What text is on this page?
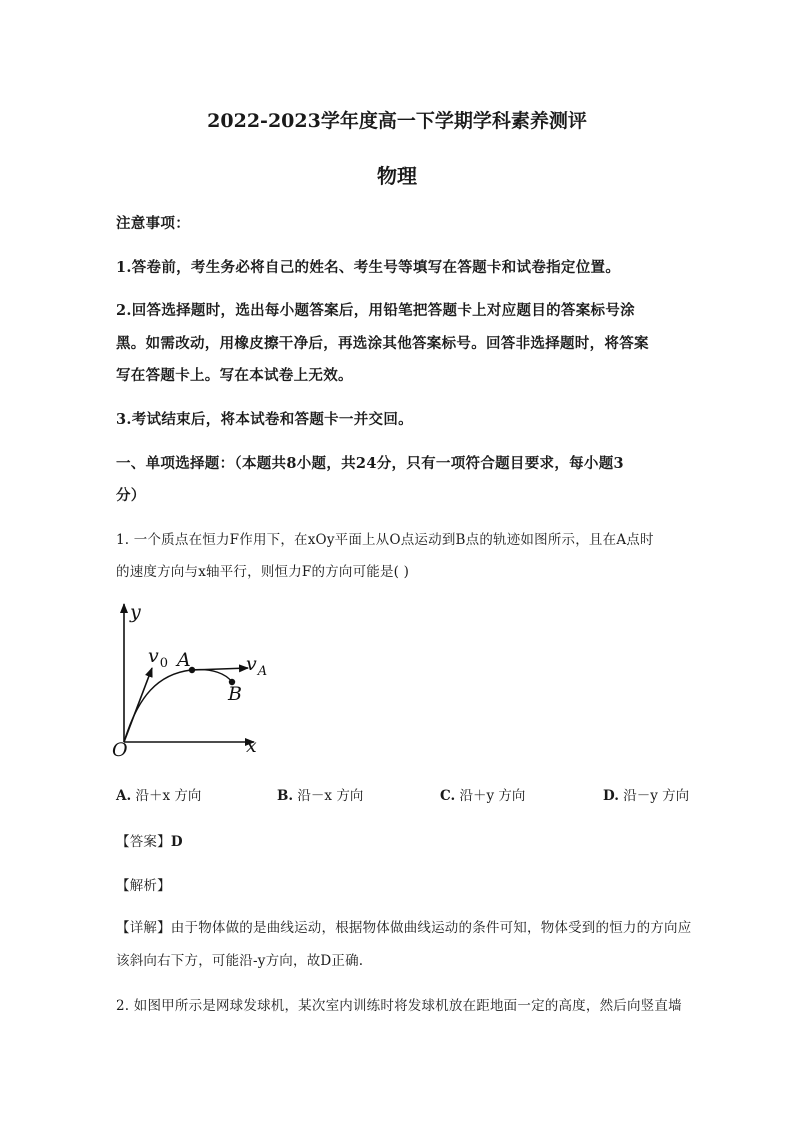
2022-2023学年度高一下学期学科素养测评
物理
注意事项：
1.答卷前，考生务必将自己的姓名、考生号等填写在答题卡和试卷指定位置。
2.回答选择题时，选出每小题答案后，用铅笔把答题卡上对应题目的答案标号涂
黑。如需改动，用橡皮擦干净后，再选涂其他答案标号。回答非选择题时，将答案
写在答题卡上。写在本试卷上无效。
3.考试结束后，将本试卷和答题卡一并交回。
一、单项选择题：（本题共8小题，共24分，只有一项符合题目要求，每小题3
分）
1. 一个质点在恒力F作用下，在xOy平面上从O点运动到B点的轨迹如图所示，且在A点时
的速度方向与x轴平行，则恒力F的方向可能是( )
y
x
O
$v_0$ A	$v_A$
B
A. 沿＋x 方向	B. 沿－x 方向	C. 沿＋y 方向	D. 沿－y 方向
【答案】D
【解析】
【详解】由于物体做的是曲线运动，根据物体做曲线运动的条件可知，物体受到的恒力的方向应
该斜向右下方，可能沿-y方向，故D正确.
2. 如图甲所示是网球发球机，某次室内训练时将发球机放在距地面一定的高度，然后向竖直墙
